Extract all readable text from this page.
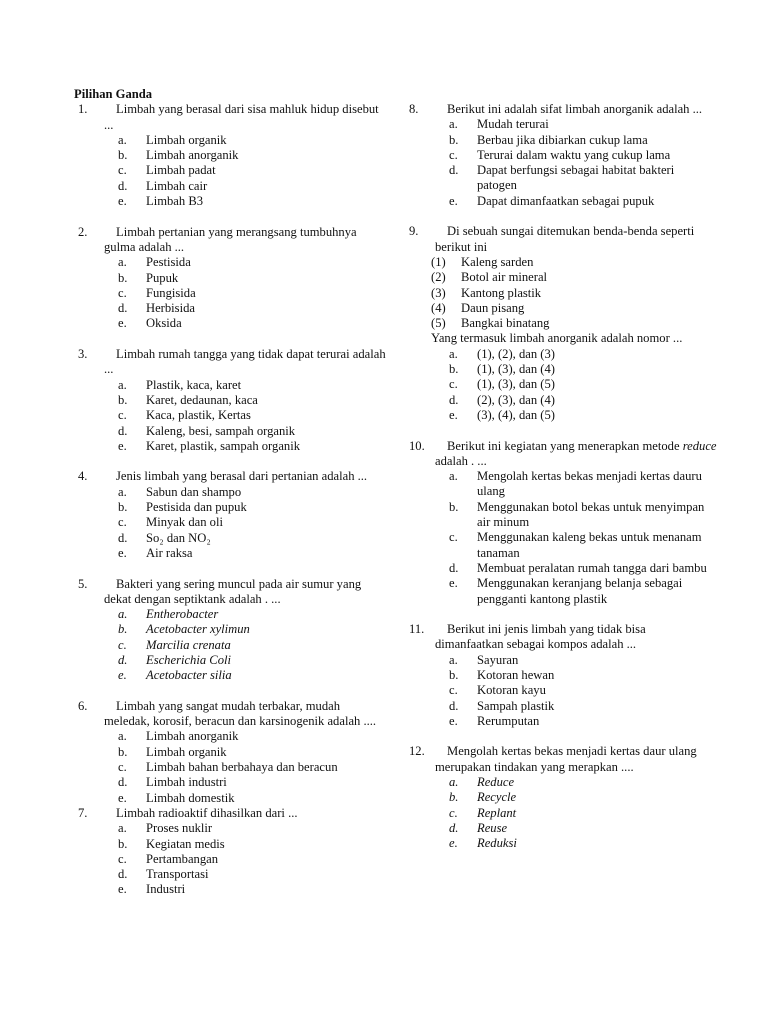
Pilihan Ganda

1.	Limbah yang berasal dari sisa mahluk hidup disebut ...
a.	Limbah organik
b.	Limbah anorganik
c.	Limbah padat
d.	Limbah cair
e.	Limbah B3
2.	Limbah pertanian yang merangsang tumbuhnya gulma adalah ...
a.	Pestisida
b.	Pupuk
c.	Fungisida
d.	Herbisida
e.	Oksida
3.	Limbah rumah tangga yang tidak dapat terurai adalah ...
a.	Plastik, kaca, karet
b.	Karet, dedaunan, kaca
c.	Kaca, plastik, Kertas
d.	Kaleng, besi, sampah organik
e.	Karet, plastik, sampah organik
4.	Jenis limbah yang berasal dari pertanian adalah ...
a.	Sabun dan shampo
b.	Pestisida dan pupuk
c.	Minyak dan oli
d.	So₂ dan NO₂
e.	Air raksa
5.	Bakteri yang sering muncul pada air sumur yang dekat dengan septiktank adalah . ...
a.	Entherobacter
b.	Acetobacter xylimun
c.	Marcilia crenata
d.	Escherichia Coli
e.	Acetobacter silia
6.	Limbah yang sangat mudah terbakar, mudah meledak, korosif, beracun dan karsinogenik adalah ....
a.	Limbah anorganik
b.	Limbah organik
c.	Limbah bahan berbahaya dan beracun
d.	Limbah industri
e.	Limbah domestik
7.	Limbah radioaktif dihasilkan dari ...
a.	Proses nuklir
b.	Kegiatan medis
c.	Pertambangan
d.	Transportasi
e.	Industri
8.	Berikut ini adalah sifat limbah anorganik adalah ...
a.	Mudah terurai
b.	Berbau jika dibiarkan cukup lama
c.	Terurai dalam waktu yang cukup lama
d.	Dapat berfungsi sebagai habitat bakteri patogen
e.	Dapat dimanfaatkan sebagai pupuk
9.	Di sebuah sungai ditemukan benda-benda seperti berikut ini
(1)	Kaleng sarden
(2)	Botol air mineral
(3)	Kantong plastik
(4)	Daun pisang
(5)	Bangkai binatang
Yang termasuk limbah anorganik adalah nomor ...
a.	(1), (2), dan (3)
b.	(1), (3), dan (4)
c.	(1), (3), dan (5)
d.	(2), (3), dan (4)
e.	(3), (4), dan (5)
10.	Berikut ini kegiatan yang menerapkan metode reduce adalah . ...
a.	Mengolah kertas bekas menjadi kertas dauru ulang
b.	Menggunakan botol bekas untuk menyimpan air minum
c.	Menggunakan kaleng bekas untuk menanam tanaman
d.	Membuat peralatan rumah tangga dari bambu
e.	Menggunakan keranjang belanja sebagai pengganti kantong plastik
11.	Berikut ini jenis limbah yang tidak bisa dimanfaatkan sebagai kompos adalah ...
a.	Sayuran
b.	Kotoran hewan
c.	Kotoran kayu
d.	Sampah plastik
e.	Rerumputan
12.	Mengolah kertas bekas menjadi kertas daur ulang merupakan tindakan yang merapkan ....
a.	Reduce
b.	Recycle
c.	Replant
d.	Reuse
e.	Reduksi
